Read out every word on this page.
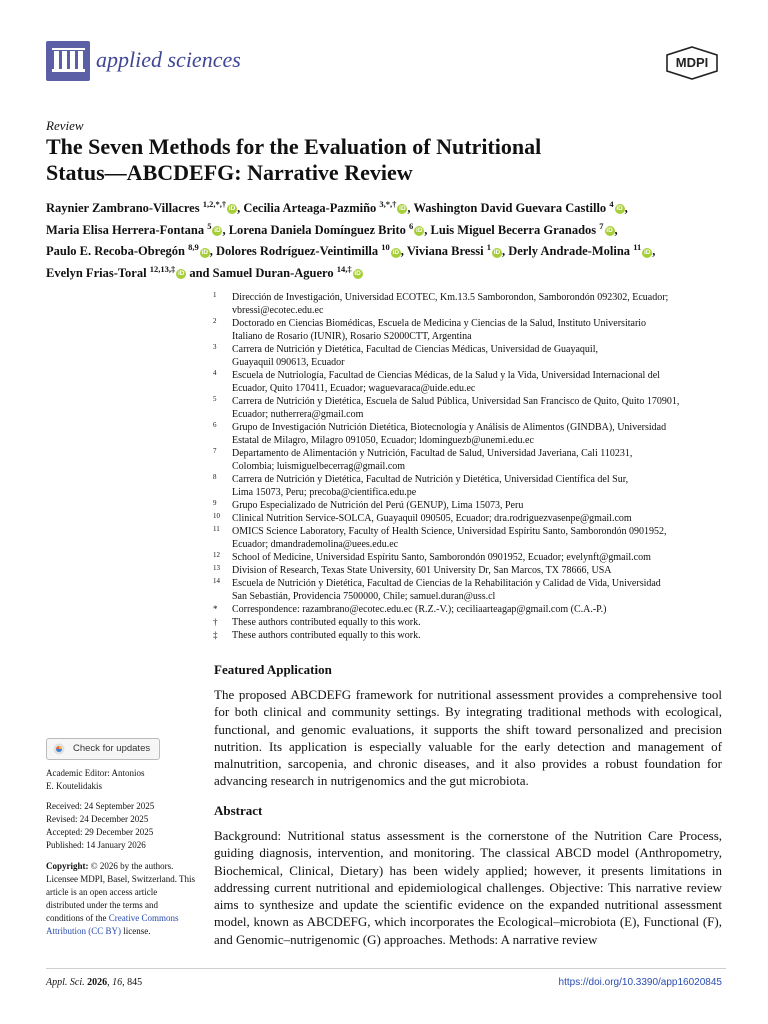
applied sciences	MDPI
Review
The Seven Methods for the Evaluation of Nutritional
Status—ABCDEFG: Narrative Review
Raynier Zambrano-Villacres $^{1,2,*,\dagger}$ iD , Cecilia Arteaga-Pazmiño $^{3,*,\dagger}$ iD , Washington David Guevara Castillo $^4$ iD ,
Maria Elisa Herrera-Fontana $^5$ iD , Lorena Daniela Domínguez Brito $^6$ iD , Luis Miguel Becerra Granados $^7$ iD ,
Paulo E. Recoba-Obregón $^{8,9}$ iD , Dolores Rodríguez-Veintimilla $^{10}$ iD , Viviana Bressi $^1$ iD , Derly Andrade-Molina $^{11}$ iD ,
Evelyn Frias-Toral $^{12,13,\ddagger}$ iD and Samuel Duran-Aguero $^{14,\ddagger}$ iD
1 Dirección de Investigación, Universidad ECOTEC, Km.13.5 Samborondon, Samborondón 092302, Ecuador;
vbressi@ecotec.edu.ec
2 Doctorado en Ciencias Biomédicas, Escuela de Medicina y Ciencias de la Salud, Instituto Universitario
Italiano de Rosario (IUNIR), Rosario S2000CTT, Argentina
3 Carrera de Nutrición y Dietética, Facultad de Ciencias Médicas, Universidad de Guayaquil,
Guayaquil 090613, Ecuador
4 Escuela de Nutriología, Facultad de Ciencias Médicas, de la Salud y la Vida, Universidad Internacional del
Ecuador, Quito 170411, Ecuador; waguevaraca@uide.edu.ec
5 Carrera de Nutrición y Dietética, Escuela de Salud Pública, Universidad San Francisco de Quito, Quito 170901,
Ecuador; nutherrera@gmail.com
6 Grupo de Investigación Nutrición Dietética, Biotecnología y Análisis de Alimentos (GINDBA), Universidad
Estatal de Milagro, Milagro 091050, Ecuador; ldominguezb@unemi.edu.ec
7 Departamento de Alimentación y Nutrición, Facultad de Salud, Universidad Javeriana, Cali 110231,
Colombia; luismiguelbecerrag@gmail.com
8 Carrera de Nutrición y Dietética, Facultad de Nutrición y Dietética, Universidad Científica del Sur,
Lima 15073, Peru; precoba@cientifica.edu.pe
9 Grupo Especializado de Nutrición del Perú (GENUP), Lima 15073, Peru
10 Clinical Nutrition Service-SOLCA, Guayaquil 090505, Ecuador; dra.rodriguezvasenpe@gmail.com
11 OMICS Science Laboratory, Faculty of Health Science, Universidad Espíritu Santo, Samborondón 0901952,
Ecuador; dmandrademolina@uees.edu.ec
12 School of Medicine, Universidad Espíritu Santo, Samborondón 0901952, Ecuador; evelynft@gmail.com
13 Division of Research, Texas State University, 601 University Dr, San Marcos, TX 78666, USA
14 Escuela de Nutrición y Dietética, Facultad de Ciencias de la Rehabilitación y Calidad de Vida, Universidad
San Sebastián, Providencia 7500000, Chile; samuel.duran@uss.cl
* Correspondence: razambrano@ecotec.edu.ec (R.Z.-V.); ceciliaarteagap@gmail.com (C.A.-P.)
† These authors contributed equally to this work.
‡ These authors contributed equally to this work.
Check for updates
Academic Editor: Antonios
E. Koutelidakis
Received: 24 September 2025
Revised: 24 December 2025
Accepted: 29 December 2025
Published: 14 January 2026
Copyright: © 2026 by the authors. Licensee MDPI, Basel, Switzerland. This article is an open access article distributed under the terms and conditions of the Creative Commons Attribution (CC BY) license.
Featured Application
The proposed ABCDEFG framework for nutritional assessment provides a comprehensive tool for both clinical and community settings. By integrating traditional methods with ecological, functional, and genomic evaluations, it supports the shift toward personalized and precision nutrition. Its application is especially valuable for the early detection and management of malnutrition, sarcopenia, and chronic diseases, and it also provides a robust foundation for advancing research in nutrigenomics and the gut microbiota.
Abstract
Background: Nutritional status assessment is the cornerstone of the Nutrition Care Process, guiding diagnosis, intervention, and monitoring. The classical ABCD model (Anthropometry, Biochemical, Clinical, Dietary) has been widely applied; however, it presents limitations in addressing current nutritional and epidemiological challenges. Objective: This narrative review aims to synthesize and update the scientific evidence on the expanded nutritional assessment model, known as ABCDEFG, which incorporates the Ecological–microbiota (E), Functional (F), and Genomic–nutrigenomic (G) approaches. Methods: A narrative review
Appl. Sci. 2026, 16, 845	https://doi.org/10.3390/app16020845
